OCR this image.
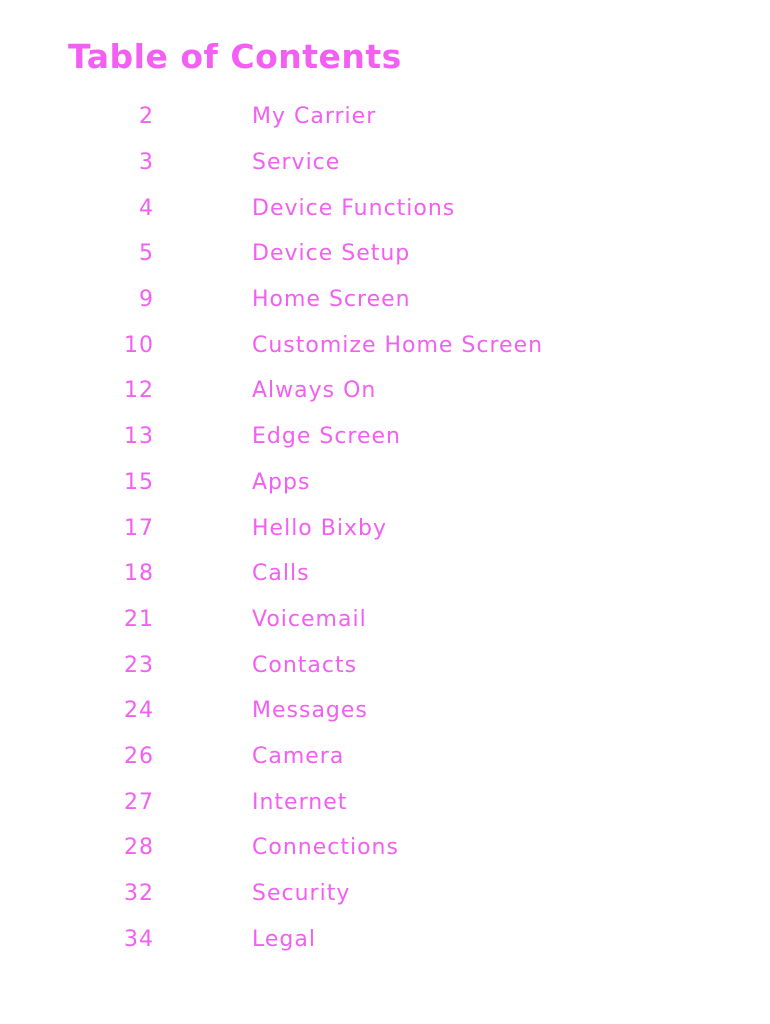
Table of Contents
2	My Carrier
3	Service
4	Device Functions
5	Device Setup
9	Home Screen
10	Customize Home Screen
12	Always On
13	Edge Screen
15	Apps
17	Hello Bixby
18	Calls
21	Voicemail
23	Contacts
24	Messages
26	Camera
27	Internet
28	Connections
32	Security
34	Legal
